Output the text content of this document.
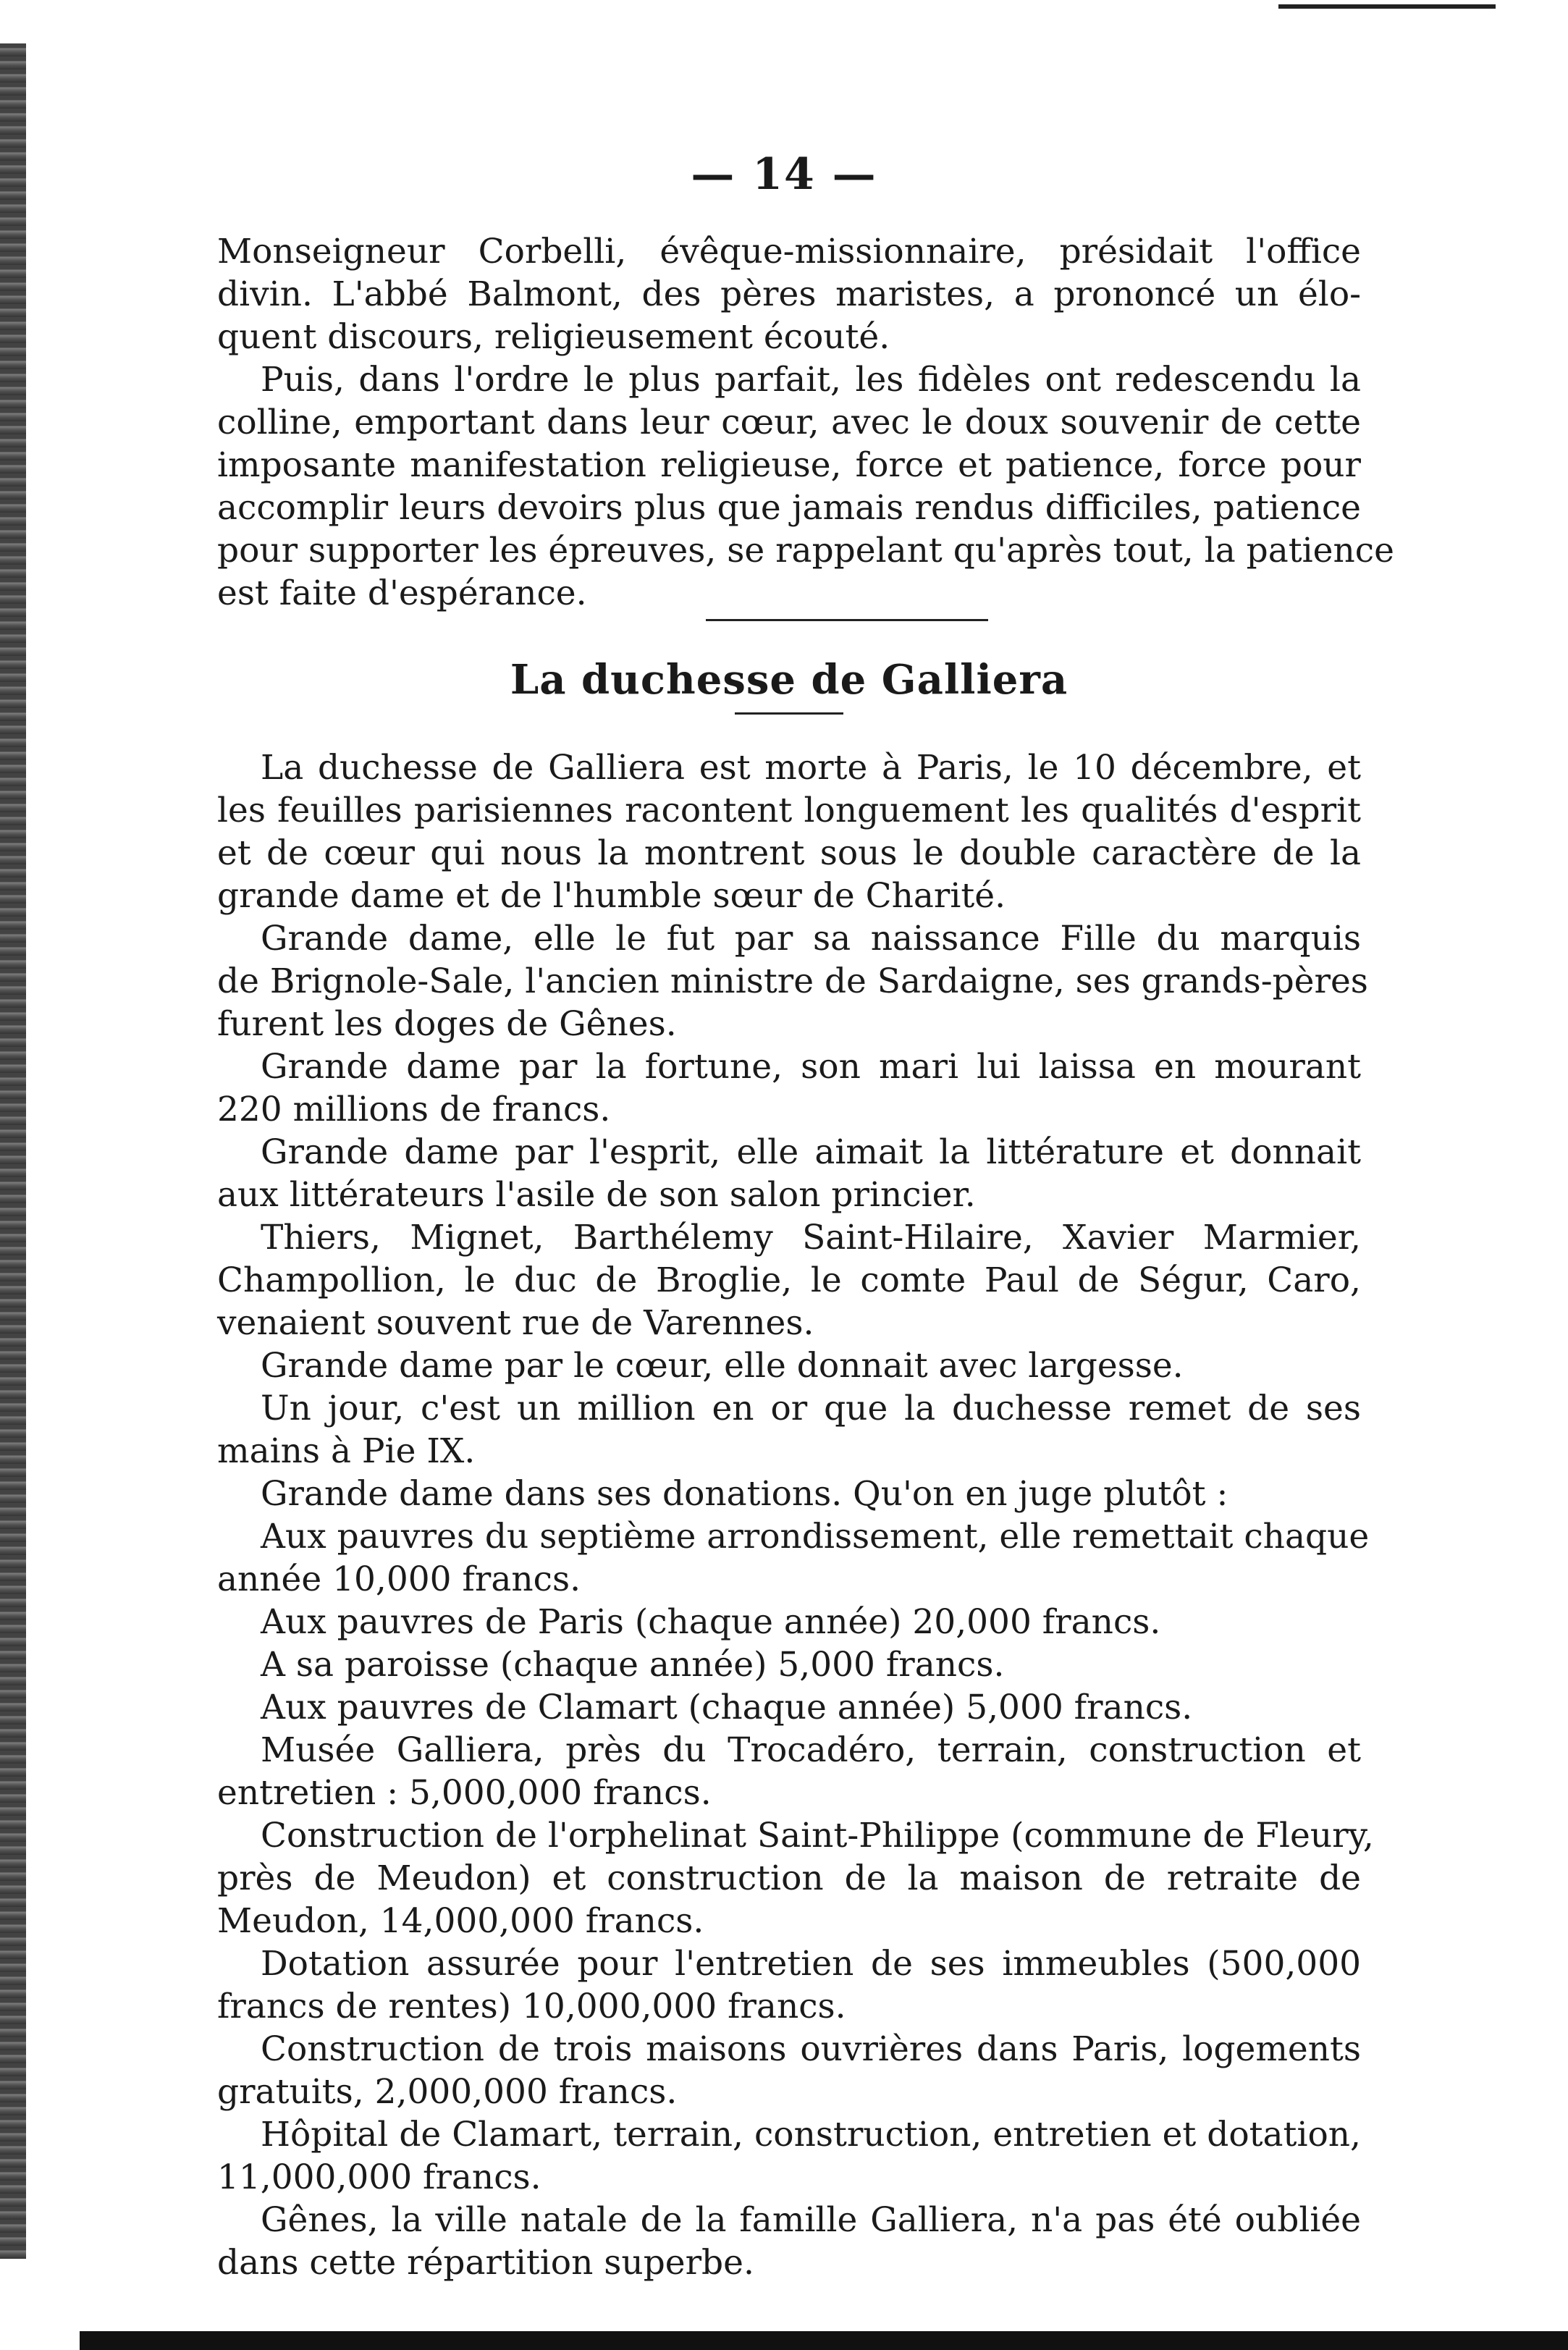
— 14 —
Monseigneur Corbelli, évêque-missionnaire, présidait l'office
divin. L'abbé Balmont, des pères maristes, a prononcé un élo-
quent discours, religieusement écouté.
Puis, dans l'ordre le plus parfait, les fidèles ont redescendu la
colline, emportant dans leur cœur, avec le doux souvenir de cette
imposante manifestation religieuse, force et patience, force pour
accomplir leurs devoirs plus que jamais rendus difficiles, patience
pour supporter les épreuves, se rappelant qu'après tout, la patience
est faite d'espérance.
La duchesse de Galliera
La duchesse de Galliera est morte à Paris, le 10 décembre, et
les feuilles parisiennes racontent longuement les qualités d'esprit
et de cœur qui nous la montrent sous le double caractère de la
grande dame et de l'humble sœur de Charité.
Grande dame, elle le fut par sa naissance Fille du marquis
de Brignole-Sale, l'ancien ministre de Sardaigne, ses grands-pères
furent les doges de Gênes.
Grande dame par la fortune, son mari lui laissa en mourant
220 millions de francs.
Grande dame par l'esprit, elle aimait la littérature et donnait
aux littérateurs l'asile de son salon princier.
Thiers, Mignet, Barthélemy Saint-Hilaire, Xavier Marmier,
Champollion, le duc de Broglie, le comte Paul de Ségur, Caro,
venaient souvent rue de Varennes.
Grande dame par le cœur, elle donnait avec largesse.
Un jour, c'est un million en or que la duchesse remet de ses
mains à Pie IX.
Grande dame dans ses donations. Qu'on en juge plutôt :
Aux pauvres du septième arrondissement, elle remettait chaque
année 10,000 francs.
Aux pauvres de Paris (chaque année) 20,000 francs.
A sa paroisse (chaque année) 5,000 francs.
Aux pauvres de Clamart (chaque année) 5,000 francs.
Musée Galliera, près du Trocadéro, terrain, construction et
entretien : 5,000,000 francs.
Construction de l'orphelinat Saint-Philippe (commune de Fleury,
près de Meudon) et construction de la maison de retraite de
Meudon, 14,000,000 francs.
Dotation assurée pour l'entretien de ses immeubles (500,000
francs de rentes) 10,000,000 francs.
Construction de trois maisons ouvrières dans Paris, logements
gratuits, 2,000,000 francs.
Hôpital de Clamart, terrain, construction, entretien et dotation,
11,000,000 francs.
Gênes, la ville natale de la famille Galliera, n'a pas été oubliée
dans cette répartition superbe.
